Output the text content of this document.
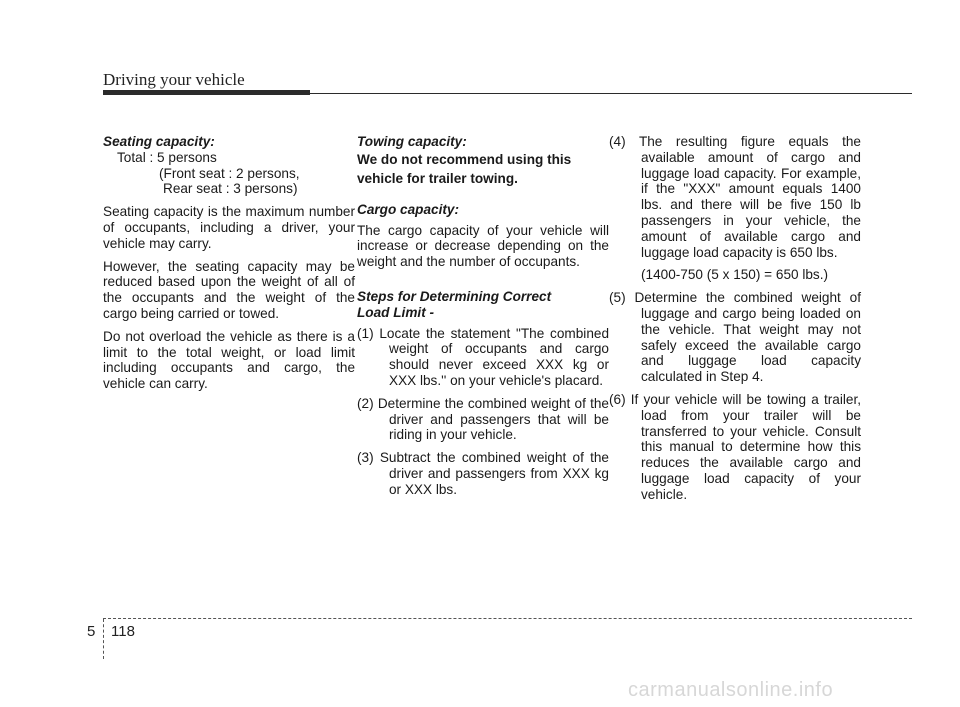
Driving your vehicle
Seating capacity:
Total : 5 persons
(Front seat : 2 persons,

Rear seat : 3 persons)

Seating capacity is the maximum number of occupants, including a driver, your vehicle may carry.

However, the seating capacity may be reduced based upon the weight of all of the occupants and the weight of the cargo being carried or towed.

Do not overload the vehicle as there is a limit to the total weight, or load limit including occupants and cargo, the vehicle can carry.

Towing capacity:

We do not recommend using this vehicle for trailer towing.

Cargo capacity:

The cargo capacity of your vehicle will increase or decrease depending on the weight and the number of occupants.

Steps for Determining Correct
Load Limit -

(1) Locate the statement "The combined weight of occupants and cargo should never exceed XXX kg or XXX lbs.'' on your vehicle's placard.

(2) Determine the combined weight of the driver and passengers that will be riding in your vehicle.

(3) Subtract the combined weight of the driver and passengers from XXX kg or XXX lbs.

(4) The resulting figure equals the available amount of cargo and luggage load capacity. For example, if the "XXX" amount equals 1400 lbs. and there will be five 150 lb passengers in your vehicle, the amount of available cargo and luggage load capacity is 650 lbs.

(1400-750 (5 x 150) = 650 lbs.)

(5) Determine the combined weight of luggage and cargo being loaded on the vehicle. That weight may not safely exceed the available cargo and luggage load capacity calculated in Step 4.

(6) If your vehicle will be towing a trailer, load from your trailer will be transferred to your vehicle. Consult this manual to determine how this reduces the available cargo and luggage load capacity of your vehicle.

5 118
carmanualsonline.info
